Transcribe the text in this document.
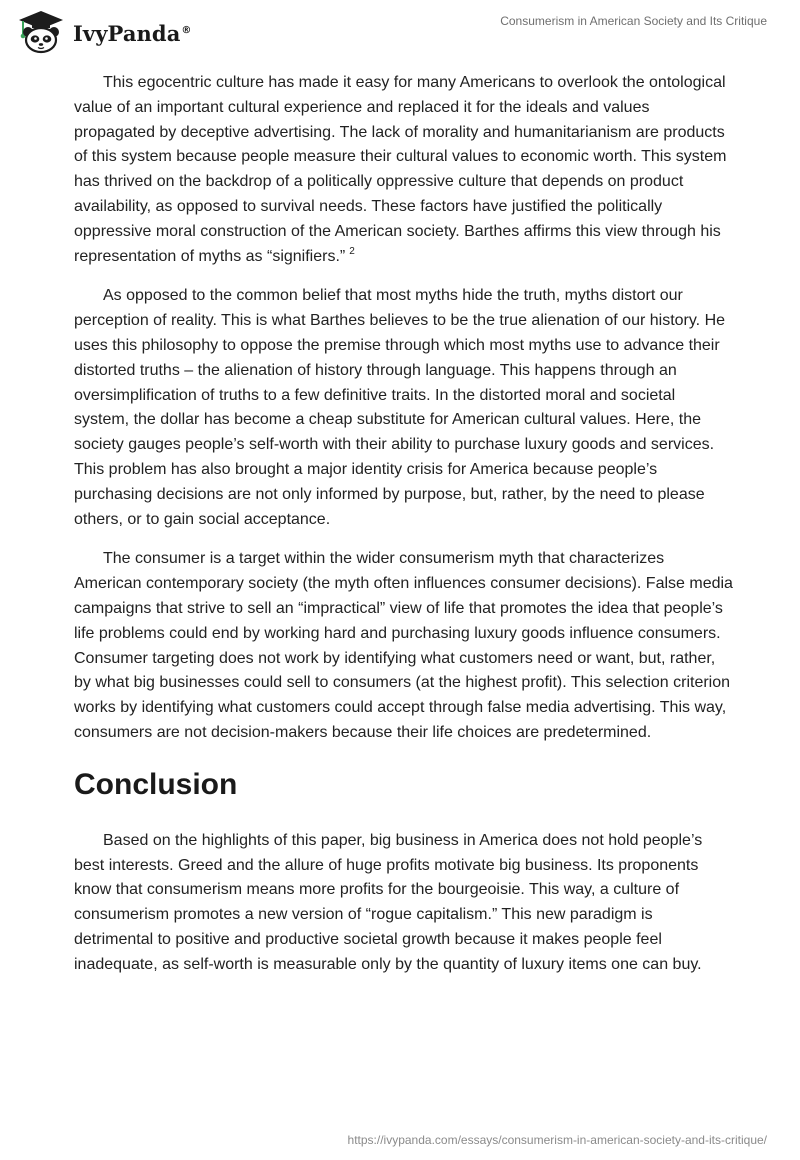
IvyPanda®
Consumerism in American Society and Its Critique

This egocentric culture has made it easy for many Americans to overlook the ontological value of an important cultural experience and replaced it for the ideals and values propagated by deceptive advertising. The lack of morality and humanitarianism are products of this system because people measure their cultural values to economic worth. This system has thrived on the backdrop of a politically oppressive culture that depends on product availability, as opposed to survival needs. These factors have justified the politically oppressive moral construction of the American society. Barthes affirms this view through his representation of myths as “signifiers.” $^2$

As opposed to the common belief that most myths hide the truth, myths distort our perception of reality. This is what Barthes believes to be the true alienation of our history. He uses this philosophy to oppose the premise through which most myths use to advance their distorted truths – the alienation of history through language. This happens through an oversimplification of truths to a few definitive traits. In the distorted moral and societal system, the dollar has become a cheap substitute for American cultural values. Here, the society gauges people’s self-worth with their ability to purchase luxury goods and services. This problem has also brought a major identity crisis for America because people’s purchasing decisions are not only informed by purpose, but, rather, by the need to please others, or to gain social acceptance.

The consumer is a target within the wider consumerism myth that characterizes American contemporary society (the myth often influences consumer decisions). False media campaigns that strive to sell an “impractical” view of life that promotes the idea that people’s life problems could end by working hard and purchasing luxury goods influence consumers. Consumer targeting does not work by identifying what customers need or want, but, rather, by what big businesses could sell to consumers (at the highest profit). This selection criterion works by identifying what customers could accept through false media advertising. This way, consumers are not decision-makers because their life choices are predetermined.

Conclusion

Based on the highlights of this paper, big business in America does not hold people’s best interests. Greed and the allure of huge profits motivate big business. Its proponents know that consumerism means more profits for the bourgeoisie. This way, a culture of consumerism promotes a new version of “rogue capitalism.” This new paradigm is detrimental to positive and productive societal growth because it makes people feel inadequate, as self-worth is measurable only by the quantity of luxury items one can buy.

https://ivypanda.com/essays/consumerism-in-american-society-and-its-critique/
